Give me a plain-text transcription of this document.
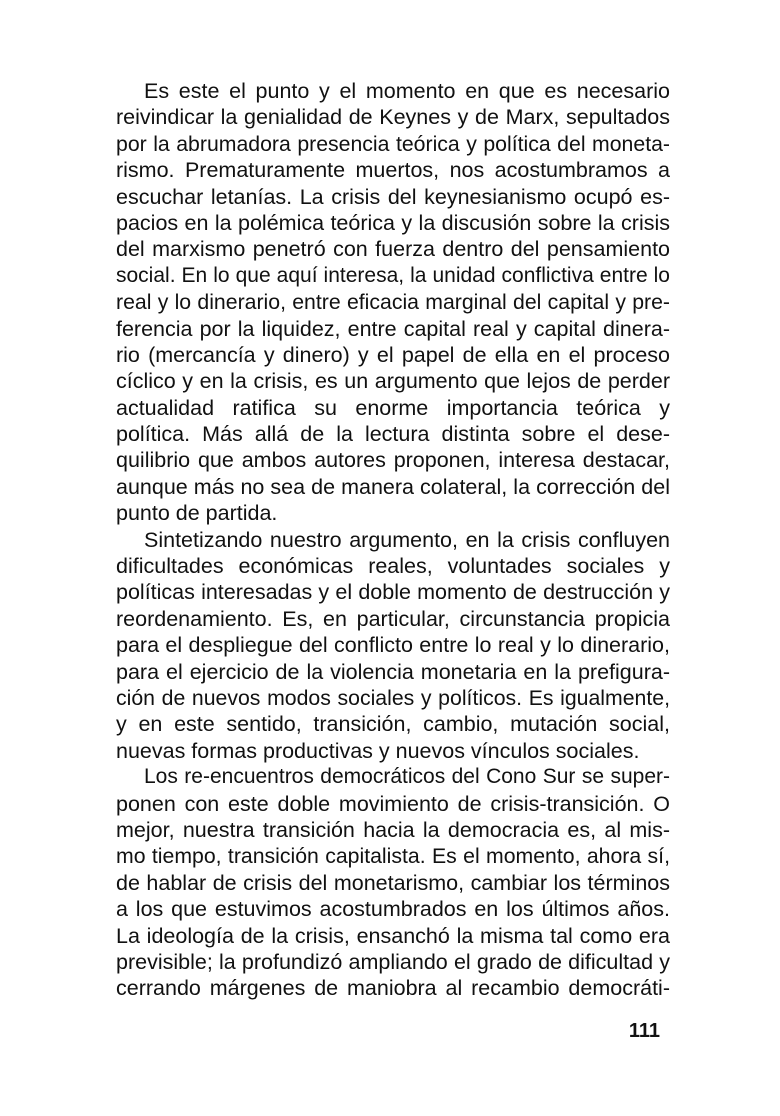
Es este el punto y el momento en que es necesario
reivindicar la genialidad de Keynes y de Marx, sepultados
por la abrumadora presencia teórica y política del moneta-
rismo. Prematuramente muertos, nos acostumbramos a
escuchar letanías. La crisis del keynesianismo ocupó es-
pacios en la polémica teórica y la discusión sobre la crisis
del marxismo penetró con fuerza dentro del pensamiento
social. En lo que aquí interesa, la unidad conflictiva entre lo
real y lo dinerario, entre eficacia marginal del capital y pre-
ferencia por la liquidez, entre capital real y capital dinera-
rio (mercancía y dinero) y el papel de ella en el proceso
cíclico y en la crisis, es un argumento que lejos de perder
actualidad ratifica su enorme importancia teórica y
política. Más allá de la lectura distinta sobre el dese-
quilibrio que ambos autores proponen, interesa destacar,
aunque más no sea de manera colateral, la corrección del
punto de partida.
Sintetizando nuestro argumento, en la crisis confluyen
dificultades económicas reales, voluntades sociales y
políticas interesadas y el doble momento de destrucción y
reordenamiento. Es, en particular, circunstancia propicia
para el despliegue del conflicto entre lo real y lo dinerario,
para el ejercicio de la violencia monetaria en la prefigura-
ción de nuevos modos sociales y políticos. Es igualmente,
y en este sentido, transición, cambio, mutación social,
nuevas formas productivas y nuevos vínculos sociales.
Los re-encuentros democráticos del Cono Sur se super-
ponen con este doble movimiento de crisis-transición. O
mejor, nuestra transición hacia la democracia es, al mis-
mo tiempo, transición capitalista. Es el momento, ahora sí,
de hablar de crisis del monetarismo, cambiar los términos
a los que estuvimos acostumbrados en los últimos años.
La ideología de la crisis, ensanchó la misma tal como era
previsible; la profundizó ampliando el grado de dificultad y
cerrando márgenes de maniobra al recambio democráti-
111
